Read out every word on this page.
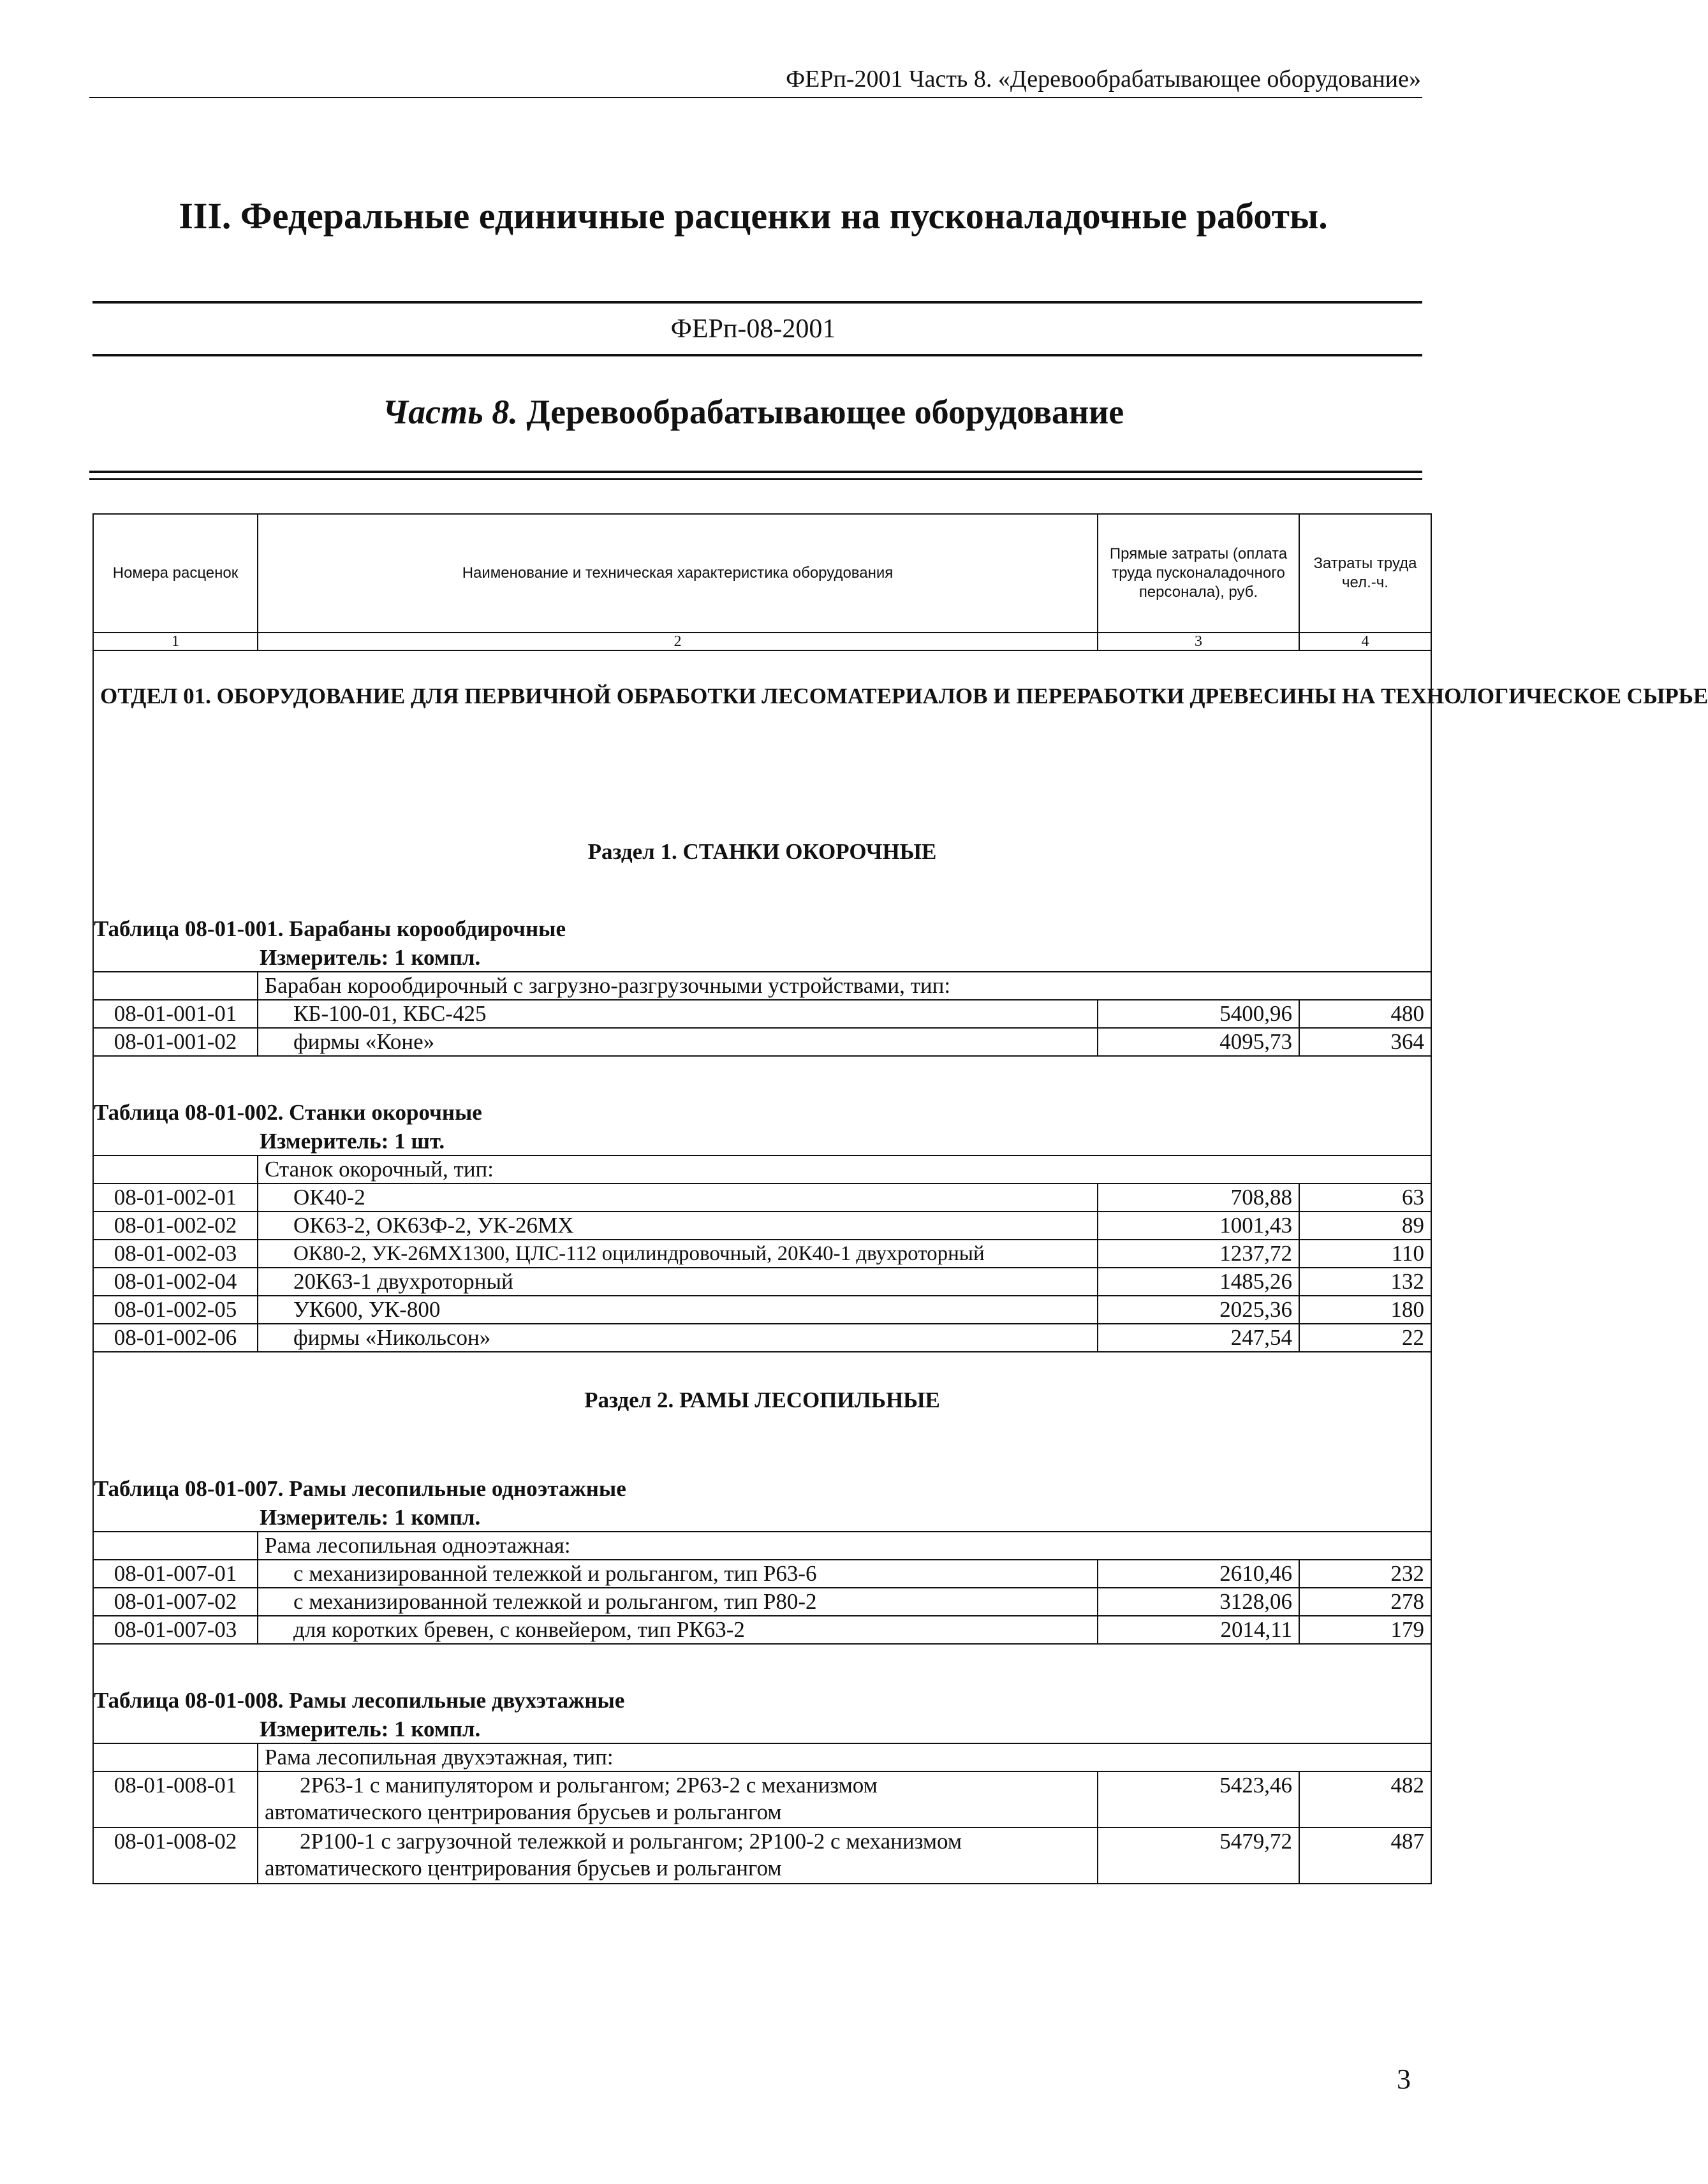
ФЕРп-2001 Часть 8. «Деревообрабатывающее оборудование»
III. Федеральные единичные расценки на пусконаладочные работы.
ФЕРп-08-2001
Часть 8. Деревообрабатывающее оборудование
Номера расценок	Наименование и техническая характеристика оборудования	Прямые затраты (оплата труда пусконаладочного персонала), руб.	Затраты труда чел.-ч.
1	2	3	4
ОТДЕЛ 01. ОБОРУДОВАНИЕ ДЛЯ ПЕРВИЧНОЙ ОБРАБОТКИ ЛЕСОМАТЕРИАЛОВ И ПЕРЕРАБОТКИ ДРЕВЕСИНЫ НА ТЕХНОЛОГИЧЕСКОЕ СЫРЬЕ			
Раздел 1. СТАНКИ ОКОРОЧНЫЕ			
Таблица 08-01-001. Барабаны корообдирочные			
Измеритель: 1 компл.			
	Барабан корообдирочный с загрузно-разгрузочными устройствами, тип:		
08-01-001-01	КБ-100-01, КБС-425	5400,96	480
08-01-001-02	фирмы «Коне»	4095,73	364
Таблица 08-01-002. Станки окорочные			
Измеритель: 1 шт.			
	Станок окорочный, тип:		
08-01-002-01	ОК40-2	708,88	63
08-01-002-02	ОК63-2, ОК63Ф-2, УК-26МХ	1001,43	89
08-01-002-03	ОК80-2, УК-26МХ1300, ЦЛС-112 оцилиндровочный, 20К40-1 двухроторный	1237,72	110
08-01-002-04	20К63-1 двухроторный	1485,26	132
08-01-002-05	УК600, УК-800	2025,36	180
08-01-002-06	фирмы «Никольсон»	247,54	22
Раздел 2. РАМЫ ЛЕСОПИЛЬНЫЕ			
Таблица 08-01-007. Рамы лесопильные одноэтажные			
Измеритель: 1 компл.			
	Рама лесопильная одноэтажная:		
08-01-007-01	с механизированной тележкой и рольгангом, тип Р63-6	2610,46	232
08-01-007-02	с механизированной тележкой и рольгангом, тип Р80-2	3128,06	278
08-01-007-03	для коротких бревен, с конвейером, тип РК63-2	2014,11	179
Таблица 08-01-008. Рамы лесопильные двухэтажные			
Измеритель: 1 компл.			
	Рама лесопильная двухэтажная, тип:		
08-01-008-01	2Р63-1 с манипулятором и рольгангом; 2Р63-2 с механизмом
автоматического центрирования брусьев и рольгангом	5423,46	482
08-01-008-02	2Р100-1 с загрузочной тележкой и рольгангом; 2Р100-2 с механизмом
автоматического центрирования брусьев и рольгангом	5479,72	487
3
